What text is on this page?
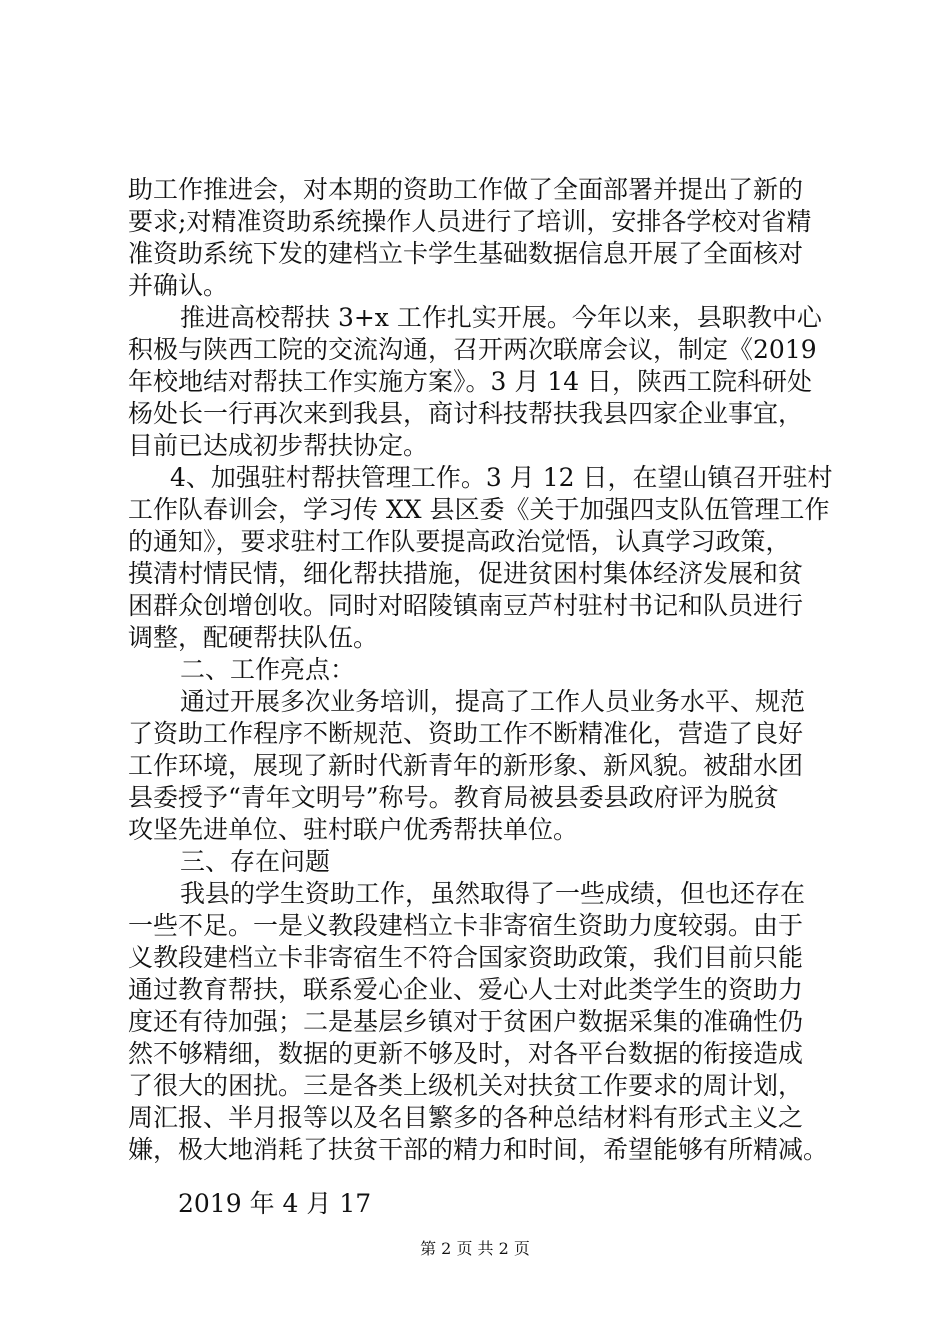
助工作推进会，对本期的资助工作做了全面部署并提出了新的
要求;对精准资助系统操作人员进行了培训，安排各学校对省精
准资助系统下发的建档立卡学生基础数据信息开展了全面核对
并确认。
推进高校帮扶 3+x 工作扎实开展。今年以来，县职教中心
积极与陕西工院的交流沟通，召开两次联席会议，制定《2019
年校地结对帮扶工作实施方案》。3 月 14 日，陕西工院科研处
杨处长一行再次来到我县，商讨科技帮扶我县四家企业事宜，
目前已达成初步帮扶协定。
4、加强驻村帮扶管理工作。3 月 12 日，在望山镇召开驻村
工作队春训会，学习传 XX 县区委《关于加强四支队伍管理工作
的通知》，要求驻村工作队要提高政治觉悟，认真学习政策，
摸清村情民情，细化帮扶措施，促进贫困村集体经济发展和贫
困群众创增创收。同时对昭陵镇南豆芦村驻村书记和队员进行
调整，配硬帮扶队伍。
二、工作亮点：
通过开展多次业务培训，提高了工作人员业务水平、规范
了资助工作程序不断规范、资助工作不断精准化，营造了良好
工作环境，展现了新时代新青年的新形象、新风貌。被甜水团
县委授予“青年文明号”称号。教育局被县委县政府评为脱贫
攻坚先进单位、驻村联户优秀帮扶单位。
三、存在问题
我县的学生资助工作，虽然取得了一些成绩，但也还存在
一些不足。一是义教段建档立卡非寄宿生资助力度较弱。由于
义教段建档立卡非寄宿生不符合国家资助政策，我们目前只能
通过教育帮扶，联系爱心企业、爱心人士对此类学生的资助力
度还有待加强；二是基层乡镇对于贫困户数据采集的准确性仍
然不够精细，数据的更新不够及时，对各平台数据的衔接造成
了很大的困扰。三是各类上级机关对扶贫工作要求的周计划，
周汇报、半月报等以及名目繁多的各种总结材料有形式主义之
嫌，极大地消耗了扶贫干部的精力和时间，希望能够有所精减。
2019 年 4 月 17
第 2 页 共 2 页
